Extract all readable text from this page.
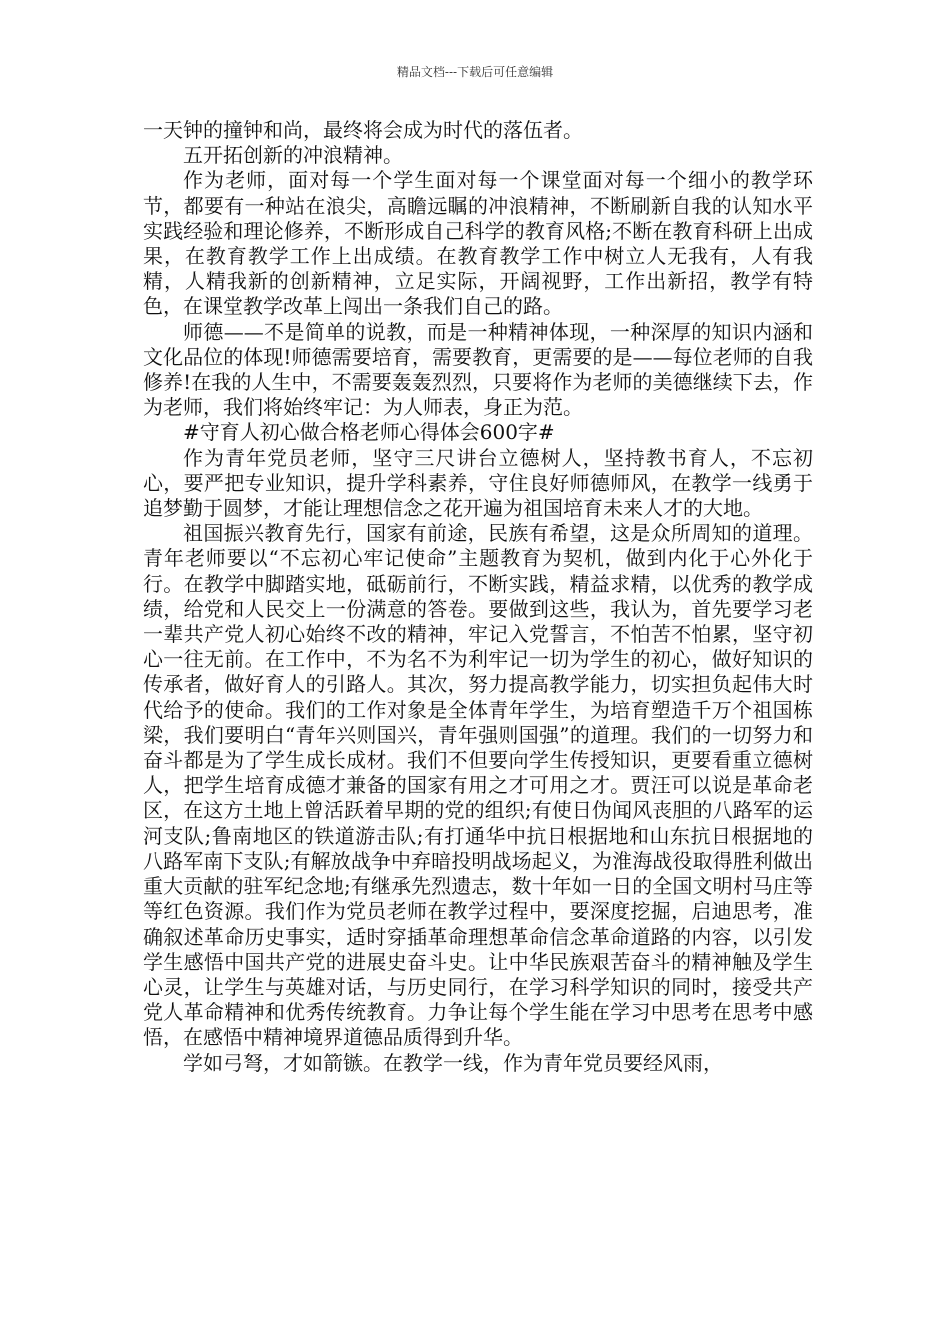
精品文档---下载后可任意编辑

一天钟的撞钟和尚，最终将会成为时代的落伍者。

五开拓创新的冲浪精神。

作为老师，面对每一个学生面对每一个课堂面对每一个细小的教学环节，都要有一种站在浪尖，高瞻远瞩的冲浪精神，不断刷新自我的认知水平实践经验和理论修养，不断形成自己科学的教育风格;不断在教育科研上出成果，在教育教学工作上出成绩。在教育教学工作中树立人无我有，人有我精，人精我新的创新精神，立足实际，开阔视野，工作出新招，教学有特色，在课堂教学改革上闯出一条我们自己的路。

师德——不是简单的说教，而是一种精神体现，一种深厚的知识内涵和文化品位的体现!师德需要培育，需要教育，更需要的是——每位老师的自我修养!在我的人生中，不需要轰轰烈烈，只要将作为老师的美德继续下去，作为老师，我们将始终牢记：为人师表，身正为范。

#守育人初心做合格老师心得体会600字#

作为青年党员老师，坚守三尺讲台立德树人，坚持教书育人，不忘初心，要严把专业知识，提升学科素养，守住良好师德师风，在教学一线勇于追梦勤于圆梦，才能让理想信念之花开遍为祖国培育未来人才的大地。

祖国振兴教育先行，国家有前途，民族有希望，这是众所周知的道理。青年老师要以“不忘初心牢记使命”主题教育为契机，做到内化于心外化于行。在教学中脚踏实地，砥砺前行，不断实践，精益求精，以优秀的教学成绩，给党和人民交上一份满意的答卷。要做到这些，我认为，首先要学习老一辈共产党人初心始终不改的精神，牢记入党誓言，不怕苦不怕累，坚守初心一往无前。在工作中，不为名不为利牢记一切为学生的初心，做好知识的传承者，做好育人的引路人。其次，努力提高教学能力，切实担负起伟大时代给予的使命。我们的工作对象是全体青年学生，为培育塑造千万个祖国栋梁，我们要明白“青年兴则国兴，青年强则国强”的道理。我们的一切努力和奋斗都是为了学生成长成材。我们不但要向学生传授知识，更要看重立德树人，把学生培育成德才兼备的国家有用之才可用之才。贾汪可以说是革命老区，在这方土地上曾活跃着早期的党的组织;有使日伪闻风丧胆的八路军的运河支队;鲁南地区的铁道游击队;有打通华中抗日根据地和山东抗日根据地的八路军南下支队;有解放战争中弃暗投明战场起义，为淮海战役取得胜利做出重大贡献的驻军纪念地;有继承先烈遗志，数十年如一日的全国文明村马庄等等红色资源。我们作为党员老师在教学过程中，要深度挖掘，启迪思考，准确叙述革命历史事实，适时穿插革命理想革命信念革命道路的内容，以引发学生感悟中国共产党的进展史奋斗史。让中华民族艰苦奋斗的精神触及学生心灵，让学生与英雄对话，与历史同行，在学习科学知识的同时，接受共产党人革命精神和优秀传统教育。力争让每个学生能在学习中思考在思考中感悟，在感悟中精神境界道德品质得到升华。

学如弓弩，才如箭镞。在教学一线，作为青年党员要经风雨，
